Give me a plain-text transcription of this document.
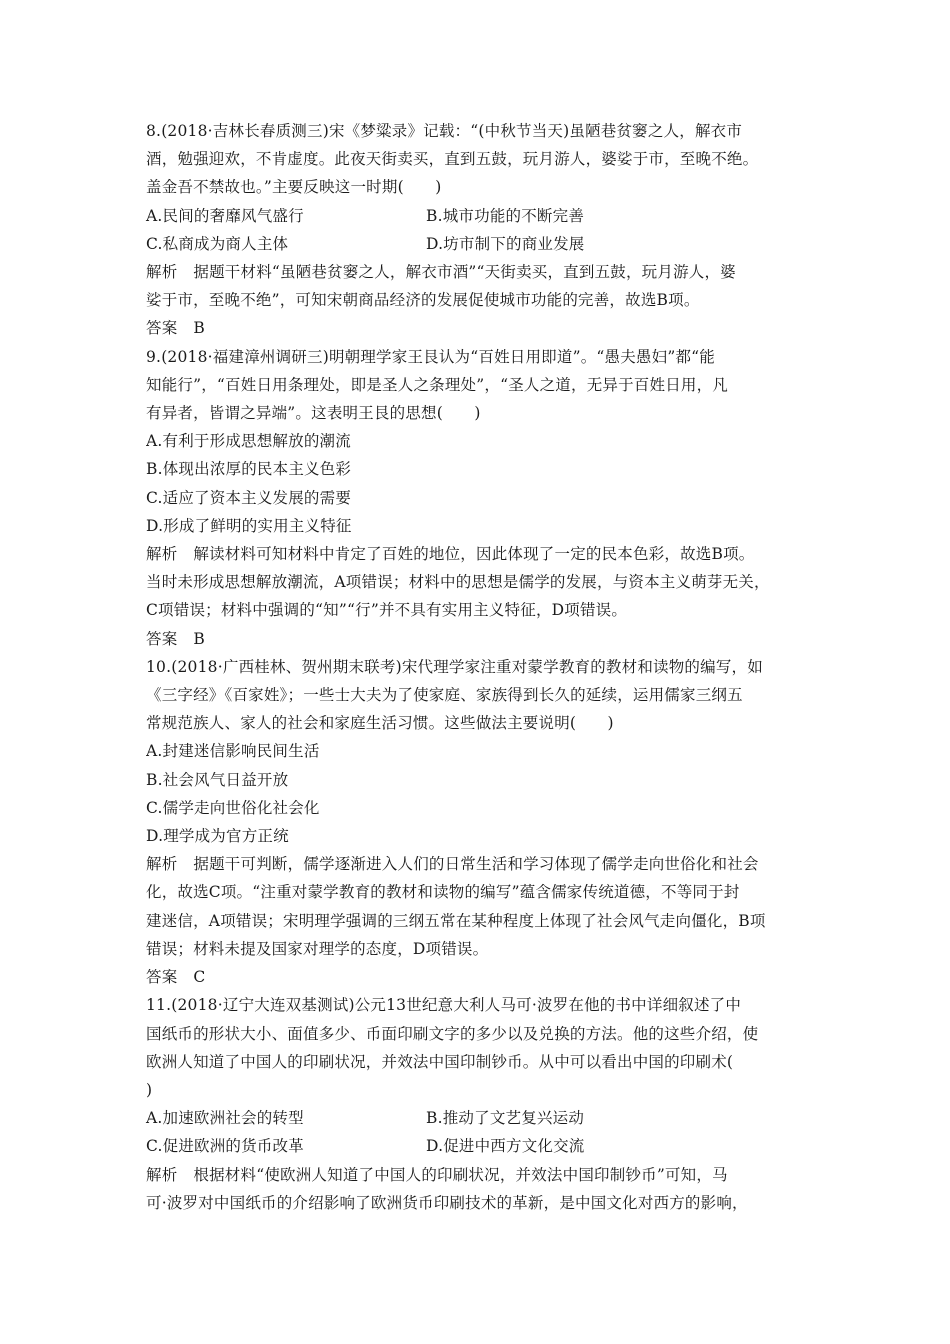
8.(2018·吉林长春质测三)宋《梦粱录》记载：“(中秋节当天)虽陋巷贫窭之人，解衣市
酒，勉强迎欢，不肯虚度。此夜天街卖买，直到五鼓，玩月游人，婆娑于市，至晚不绝。
盖金吾不禁故也。”主要反映这一时期(　　)
A.民间的奢靡风气盛行	B.城市功能的不断完善
C.私商成为商人主体	D.坊市制下的商业发展
解析 据题干材料“虽陋巷贫窭之人，解衣市酒”“天街卖买，直到五鼓，玩月游人，婆
娑于市，至晚不绝”，可知宋朝商品经济的发展促使城市功能的完善，故选B项。
答案 B
9.(2018·福建漳州调研三)明朝理学家王艮认为“百姓日用即道”。“愚夫愚妇”都“能
知能行”，“百姓日用条理处，即是圣人之条理处”，“圣人之道，无异于百姓日用，凡
有异者，皆谓之异端”。这表明王艮的思想(　　)
A.有利于形成思想解放的潮流
B.体现出浓厚的民本主义色彩
C.适应了资本主义发展的需要
D.形成了鲜明的实用主义特征
解析 解读材料可知材料中肯定了百姓的地位，因此体现了一定的民本色彩，故选B项。
当时未形成思想解放潮流，A项错误；材料中的思想是儒学的发展，与资本主义萌芽无关，
C项错误；材料中强调的“知”“行”并不具有实用主义特征，D项错误。
答案 B
10.(2018·广西桂林、贺州期末联考)宋代理学家注重对蒙学教育的教材和读物的编写，如
《三字经》《百家姓》；一些士大夫为了使家庭、家族得到长久的延续，运用儒家三纲五
常规范族人、家人的社会和家庭生活习惯。这些做法主要说明(　　)
A.封建迷信影响民间生活
B.社会风气日益开放
C.儒学走向世俗化社会化
D.理学成为官方正统
解析 据题干可判断，儒学逐渐进入人们的日常生活和学习体现了儒学走向世俗化和社会
化，故选C项。“注重对蒙学教育的教材和读物的编写”蕴含儒家传统道德，不等同于封
建迷信，A项错误；宋明理学强调的三纲五常在某种程度上体现了社会风气走向僵化，B项
错误；材料未提及国家对理学的态度，D项错误。
答案 C
11.(2018·辽宁大连双基测试)公元13世纪意大利人马可·波罗在他的书中详细叙述了中
国纸币的形状大小、面值多少、币面印刷文字的多少以及兑换的方法。他的这些介绍，使
欧洲人知道了中国人的印刷状况，并效法中国印制钞币。从中可以看出中国的印刷术(
)
A.加速欧洲社会的转型	B.推动了文艺复兴运动
C.促进欧洲的货币改革	D.促进中西方文化交流
解析 根据材料“使欧洲人知道了中国人的印刷状况，并效法中国印制钞币”可知，马
可·波罗对中国纸币的介绍影响了欧洲货币印刷技术的革新，是中国文化对西方的影响，
